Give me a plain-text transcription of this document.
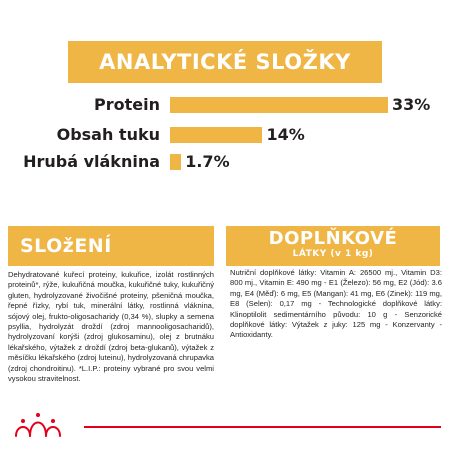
ANALYTICKÉ SLOŽKY
Protein	33%
Obsah tuku	14%
Hrubá vláknina 1.7%
SLOžENÍ	DOPLŇKOVÉ
LÁTKY (v 1 kg)
Dehydratované kuřecí proteiny, kukuřice, izolát rostlinných proteinů*, rýže, kukuřičná moučka, kukuřičné tuky, kukuřičný gluten, hydrolyzované živočišné proteiny, pšeničná moučka, řepné řízky, rybí tuk, minerální látky, rostlinná vláknina, sójový olej, frukto-oligosacharidy (0,34 %), slupky a semena psyllia, hydrolyzát droždí (zdroj mannooligosacharidů), hydrolyzovaní korýši (zdroj glukosaminu), olej z brutnáku lékařského, výtažek z droždí (zdroj beta-glukanů), výtažek z měsíčku lékařského (zdroj luteinu), hydrolyzovaná chrupavka (zdroj chondroitinu). *L.I.P.: proteiny vybrané pro svou velmi vysokou stravitelnost.
Nutriční doplňkové látky: Vitamin A: 26500 mj., Vitamin D3: 800 mj., Vitamin E: 490 mg - E1 (Železo): 56 mg, E2 (Jód): 3.6 mg, E4 (Měď): 6 mg, E5 (Mangan): 41 mg, E6 (Zinek): 119 mg, E8 (Selen): 0,17 mg - Technologické doplňkové látky: Klinoptilolit sedimentárního původu: 10 g - Senzorické doplňkové látky: Výtažek z juky: 125 mg - Konzervanty - Antioxidanty.
